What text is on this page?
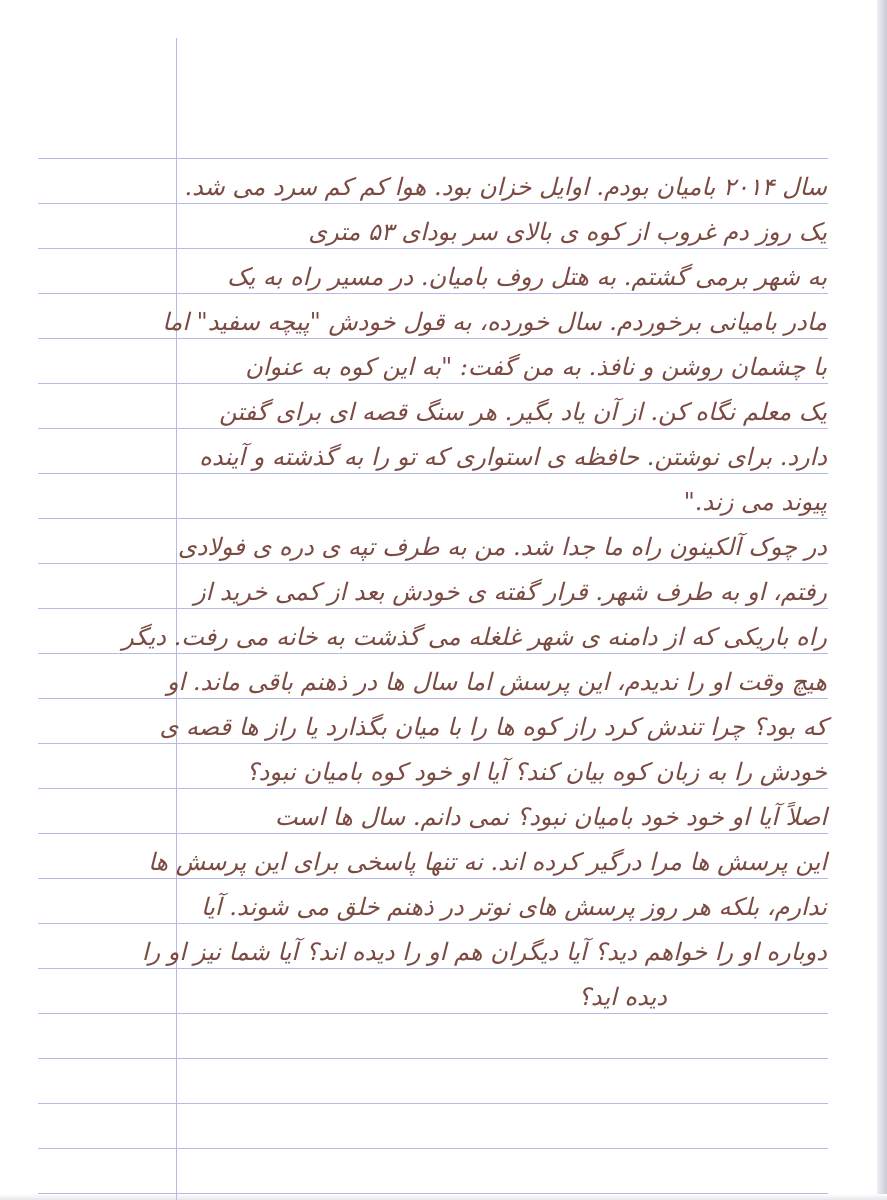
سال ۲۰۱۴ بامیان بودم. اوایل خزان بود. هوا کم کم سرد می شد.
یک روز دم غروب از کوه ی بالای سر بودای ۵۳ متری
به شهر برمی گشتم. به هتل روف بامیان. در مسیر راه به یک
مادر بامیانی برخوردم. سال خورده، به قول خودش "پیچه سفید" اما
با چشمان روشن و نافذ. به من گفت: "به این کوه به عنوان
یک معلم نگاه کن. از آن یاد بگیر. هر سنگ قصه ای برای گفتن
دارد. برای نوشتن. حافظه ی استواری که تو را به گذشته و آینده
پیوند می زند."
در چوک آلکینون راه ما جدا شد. من به طرف تپه ی دره ی فولادی
رفتم، او به طرف شهر. قرار گفته ی خودش بعد از کمی خرید از
راه باریکی که از دامنه ی شهر غلغله می گذشت به خانه می رفت. دیگر
هیچ وقت او را ندیدم، این پرسش اما سال ها در ذهنم باقی ماند. او
که بود؟ چرا تندش کرد راز کوه ها را با میان بگذارد یا راز ها قصه ی
خودش را به زبان کوه بیان کند؟ آیا او خود کوه بامیان نبود؟
اصلاً آیا او خود خود بامیان نبود؟ نمی دانم. سال ها است
این پرسش ها مرا درگیر کرده اند. نه تنها پاسخی برای این پرسش ها
ندارم، بلکه هر روز پرسش های نوتر در ذهنم خلق می شوند. آیا
دوباره او را خواهم دید؟ آیا دیگران هم او را دیده اند؟ آیا شما نیز او را
دیده اید؟
